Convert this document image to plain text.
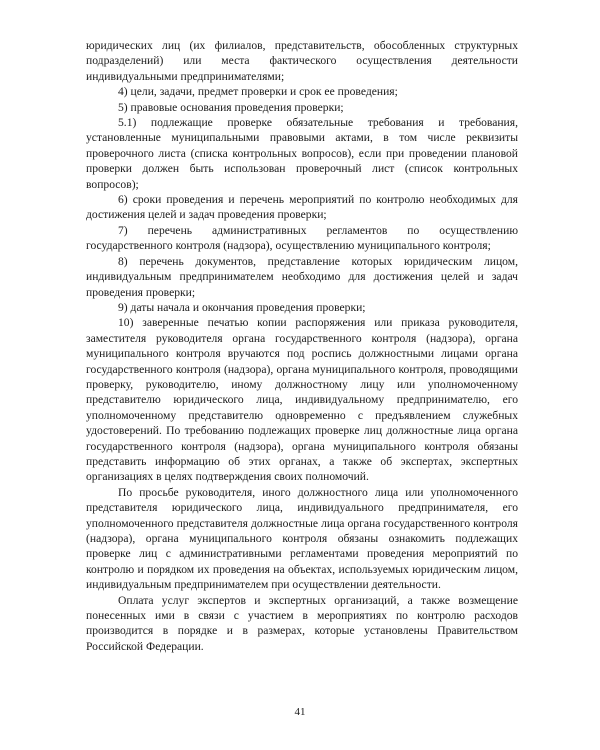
юридических лиц (их филиалов, представительств, обособленных структурных подразделений) или места фактического осуществления деятельности индивидуальными предпринимателями;

4) цели, задачи, предмет проверки и срок ее проведения;

5) правовые основания проведения проверки;

5.1) подлежащие проверке обязательные требования и требования, установленные муниципальными правовыми актами, в том числе реквизиты проверочного листа (списка контрольных вопросов), если при проведении плановой проверки должен быть использован проверочный лист (список контрольных вопросов);

6) сроки проведения и перечень мероприятий по контролю необходимых для достижения целей и задач проведения проверки;

7) перечень административных регламентов по осуществлению государственного контроля (надзора), осуществлению муниципального контроля;

8) перечень документов, представление которых юридическим лицом, индивидуальным предпринимателем необходимо для достижения целей и задач проведения проверки;

9) даты начала и окончания проведения проверки;

10) заверенные печатью копии распоряжения или приказа руководителя, заместителя руководителя органа государственного контроля (надзора), органа муниципального контроля вручаются под роспись должностными лицами органа государственного контроля (надзора), органа муниципального контроля, проводящими проверку, руководителю, иному должностному лицу или уполномоченному представителю юридического лица, индивидуальному предпринимателю, его уполномоченному представителю одновременно с предъявлением служебных удостоверений. По требованию подлежащих проверке лиц должностные лица органа государственного контроля (надзора), органа муниципального контроля обязаны представить информацию об этих органах, а также об экспертах, экспертных организациях в целях подтверждения своих полномочий.

По просьбе руководителя, иного должностного лица или уполномоченного представителя юридического лица, индивидуального предпринимателя, его уполномоченного представителя должностные лица органа государственного контроля (надзора), органа муниципального контроля обязаны ознакомить подлежащих проверке лиц с административными регламентами проведения мероприятий по контролю и порядком их проведения на объектах, используемых юридическим лицом, индивидуальным предпринимателем при осуществлении деятельности.

Оплата услуг экспертов и экспертных организаций, а также возмещение понесенных ими в связи с участием в мероприятиях по контролю расходов производится в порядке и в размерах, которые установлены Правительством Российской Федерации.

41
